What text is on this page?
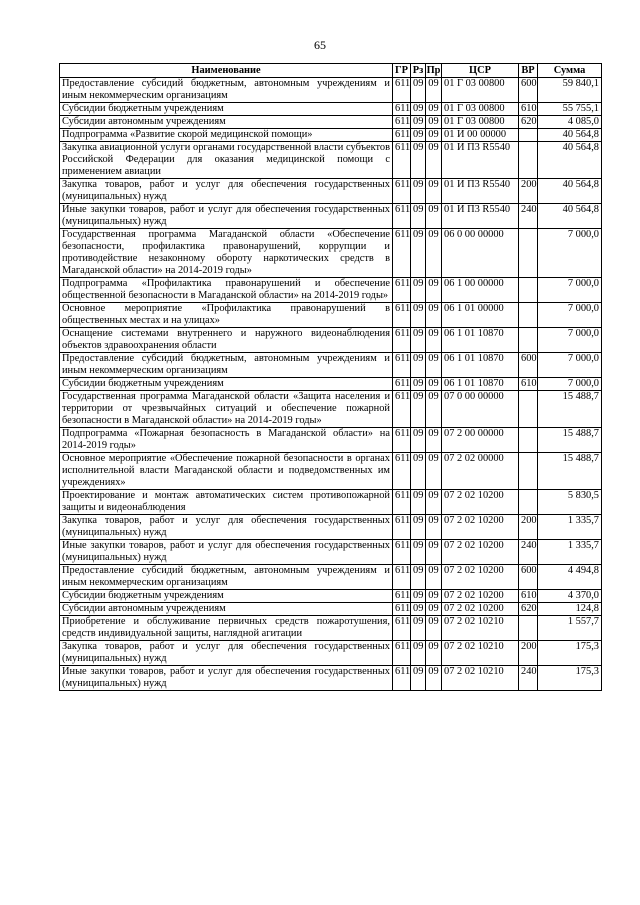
65
Наименование	ГР	Рз	Пр	ЦСР	ВР	Сумма
Предоставление субсидий бюджетным, автономным учреждениям и иным некоммерческим организациям	611	09	09	01 Г 03 00800	600	59 840,1
Субсидии бюджетным учреждениям	611	09	09	01 Г 03 00800	610	55 755,1
Субсидии автономным учреждениям	611	09	09	01 Г 03 00800	620	4 085,0
Подпрограмма «Развитие скорой медицинской помощи»	611	09	09	01 И 00 00000		40 564,8
Закупка авиационной услуги органами государственной власти субъектов Российской Федерации для оказания медицинской помощи с применением авиации	611	09	09	01 И П3 R5540		40 564,8
Закупка товаров, работ и услуг для обеспечения государственных (муниципальных) нужд	611	09	09	01 И П3 R5540	200	40 564,8
Иные закупки товаров, работ и услуг для обеспечения государственных (муниципальных) нужд	611	09	09	01 И П3 R5540	240	40 564,8
Государственная программа Магаданской области «Обеспечение безопасности, профилактика правонарушений, коррупции и противодействие незаконному обороту наркотических средств в Магаданской области» на 2014-2019 годы»	611	09	09	06 0 00 00000		7 000,0
Подпрограмма «Профилактика правонарушений и обеспечение общественной безопасности в Магаданской области» на 2014-2019 годы»	611	09	09	06 1 00 00000		7 000,0
Основное мероприятие «Профилактика правонарушений в общественных местах и на улицах»	611	09	09	06 1 01 00000		7 000,0
Оснащение системами внутреннего и наружного видеонаблюдения объектов здравоохранения области	611	09	09	06 1 01 10870		7 000,0
Предоставление субсидий бюджетным, автономным учреждениям и иным некоммерческим организациям	611	09	09	06 1 01 10870	600	7 000,0
Субсидии бюджетным учреждениям	611	09	09	06 1 01 10870	610	7 000,0
Государственная программа Магаданской области «Защита населения и территории от чрезвычайных ситуаций и обеспечение пожарной безопасности в Магаданской области» на 2014-2019 годы»	611	09	09	07 0 00 00000		15 488,7
Подпрограмма «Пожарная безопасность в Магаданской области» на 2014-2019 годы»	611	09	09	07 2 00 00000		15 488,7
Основное мероприятие «Обеспечение пожарной безопасности в органах исполнительной власти Магаданской области и подведомственных им учреждениях»	611	09	09	07 2 02 00000		15 488,7
Проектирование и монтаж автоматических систем противопожарной защиты и видеонаблюдения	611	09	09	07 2 02 10200		5 830,5
Закупка товаров, работ и услуг для обеспечения государственных (муниципальных) нужд	611	09	09	07 2 02 10200	200	1 335,7
Иные закупки товаров, работ и услуг для обеспечения государственных (муниципальных) нужд	611	09	09	07 2 02 10200	240	1 335,7
Предоставление субсидий бюджетным, автономным учреждениям и иным некоммерческим организациям	611	09	09	07 2 02 10200	600	4 494,8
Субсидии бюджетным учреждениям	611	09	09	07 2 02 10200	610	4 370,0
Субсидии автономным учреждениям	611	09	09	07 2 02 10200	620	124,8
Приобретение и обслуживание первичных средств пожаротушения, средств индивидуальной защиты, наглядной агитации	611	09	09	07 2 02 10210		1 557,7
Закупка товаров, работ и услуг для обеспечения государственных (муниципальных) нужд	611	09	09	07 2 02 10210	200	175,3
Иные закупки товаров, работ и услуг для обеспечения государственных (муниципальных) нужд	611	09	09	07 2 02 10210	240	175,3
